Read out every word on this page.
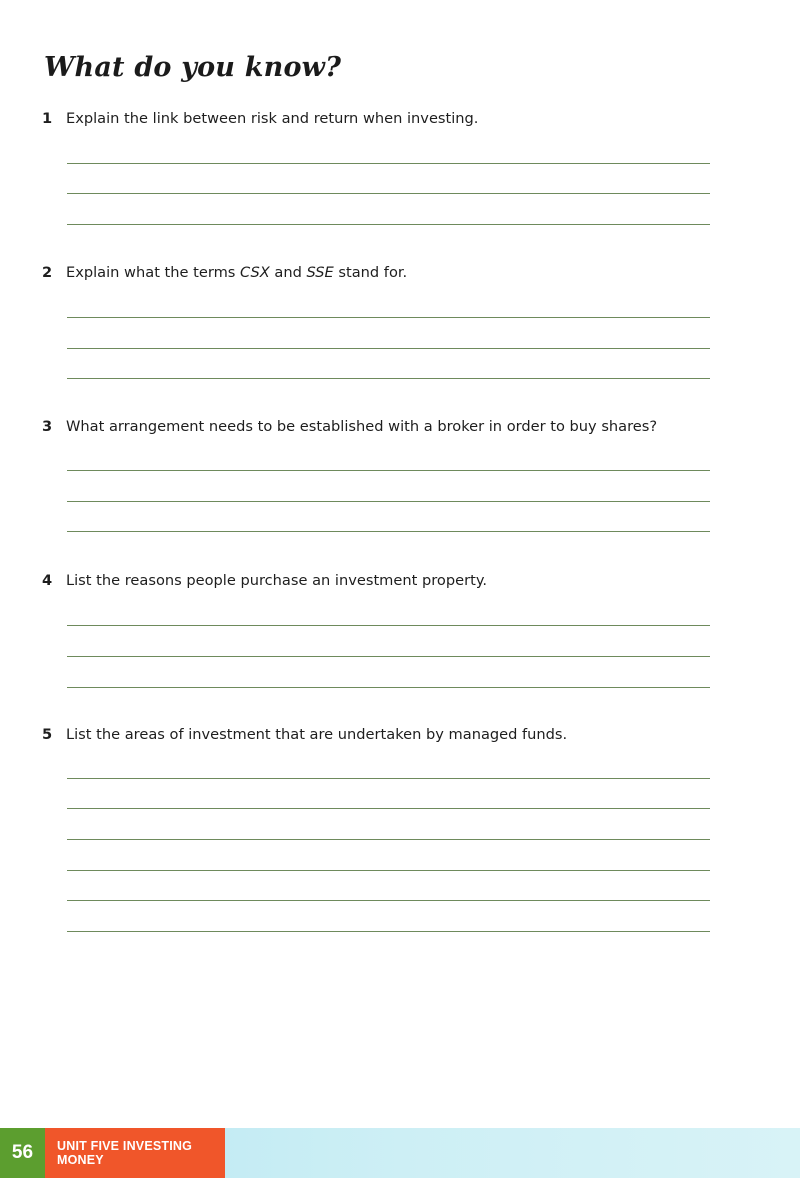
What do you know?
1 Explain the link between risk and return when investing.
2 Explain what the terms CSX and SSE stand for.
3 What arrangement needs to be established with a broker in order to buy shares?
4 List the reasons people purchase an investment property.
5 List the areas of investment that are undertaken by managed funds.
56	UNIT FIVE INVESTING MONEY
